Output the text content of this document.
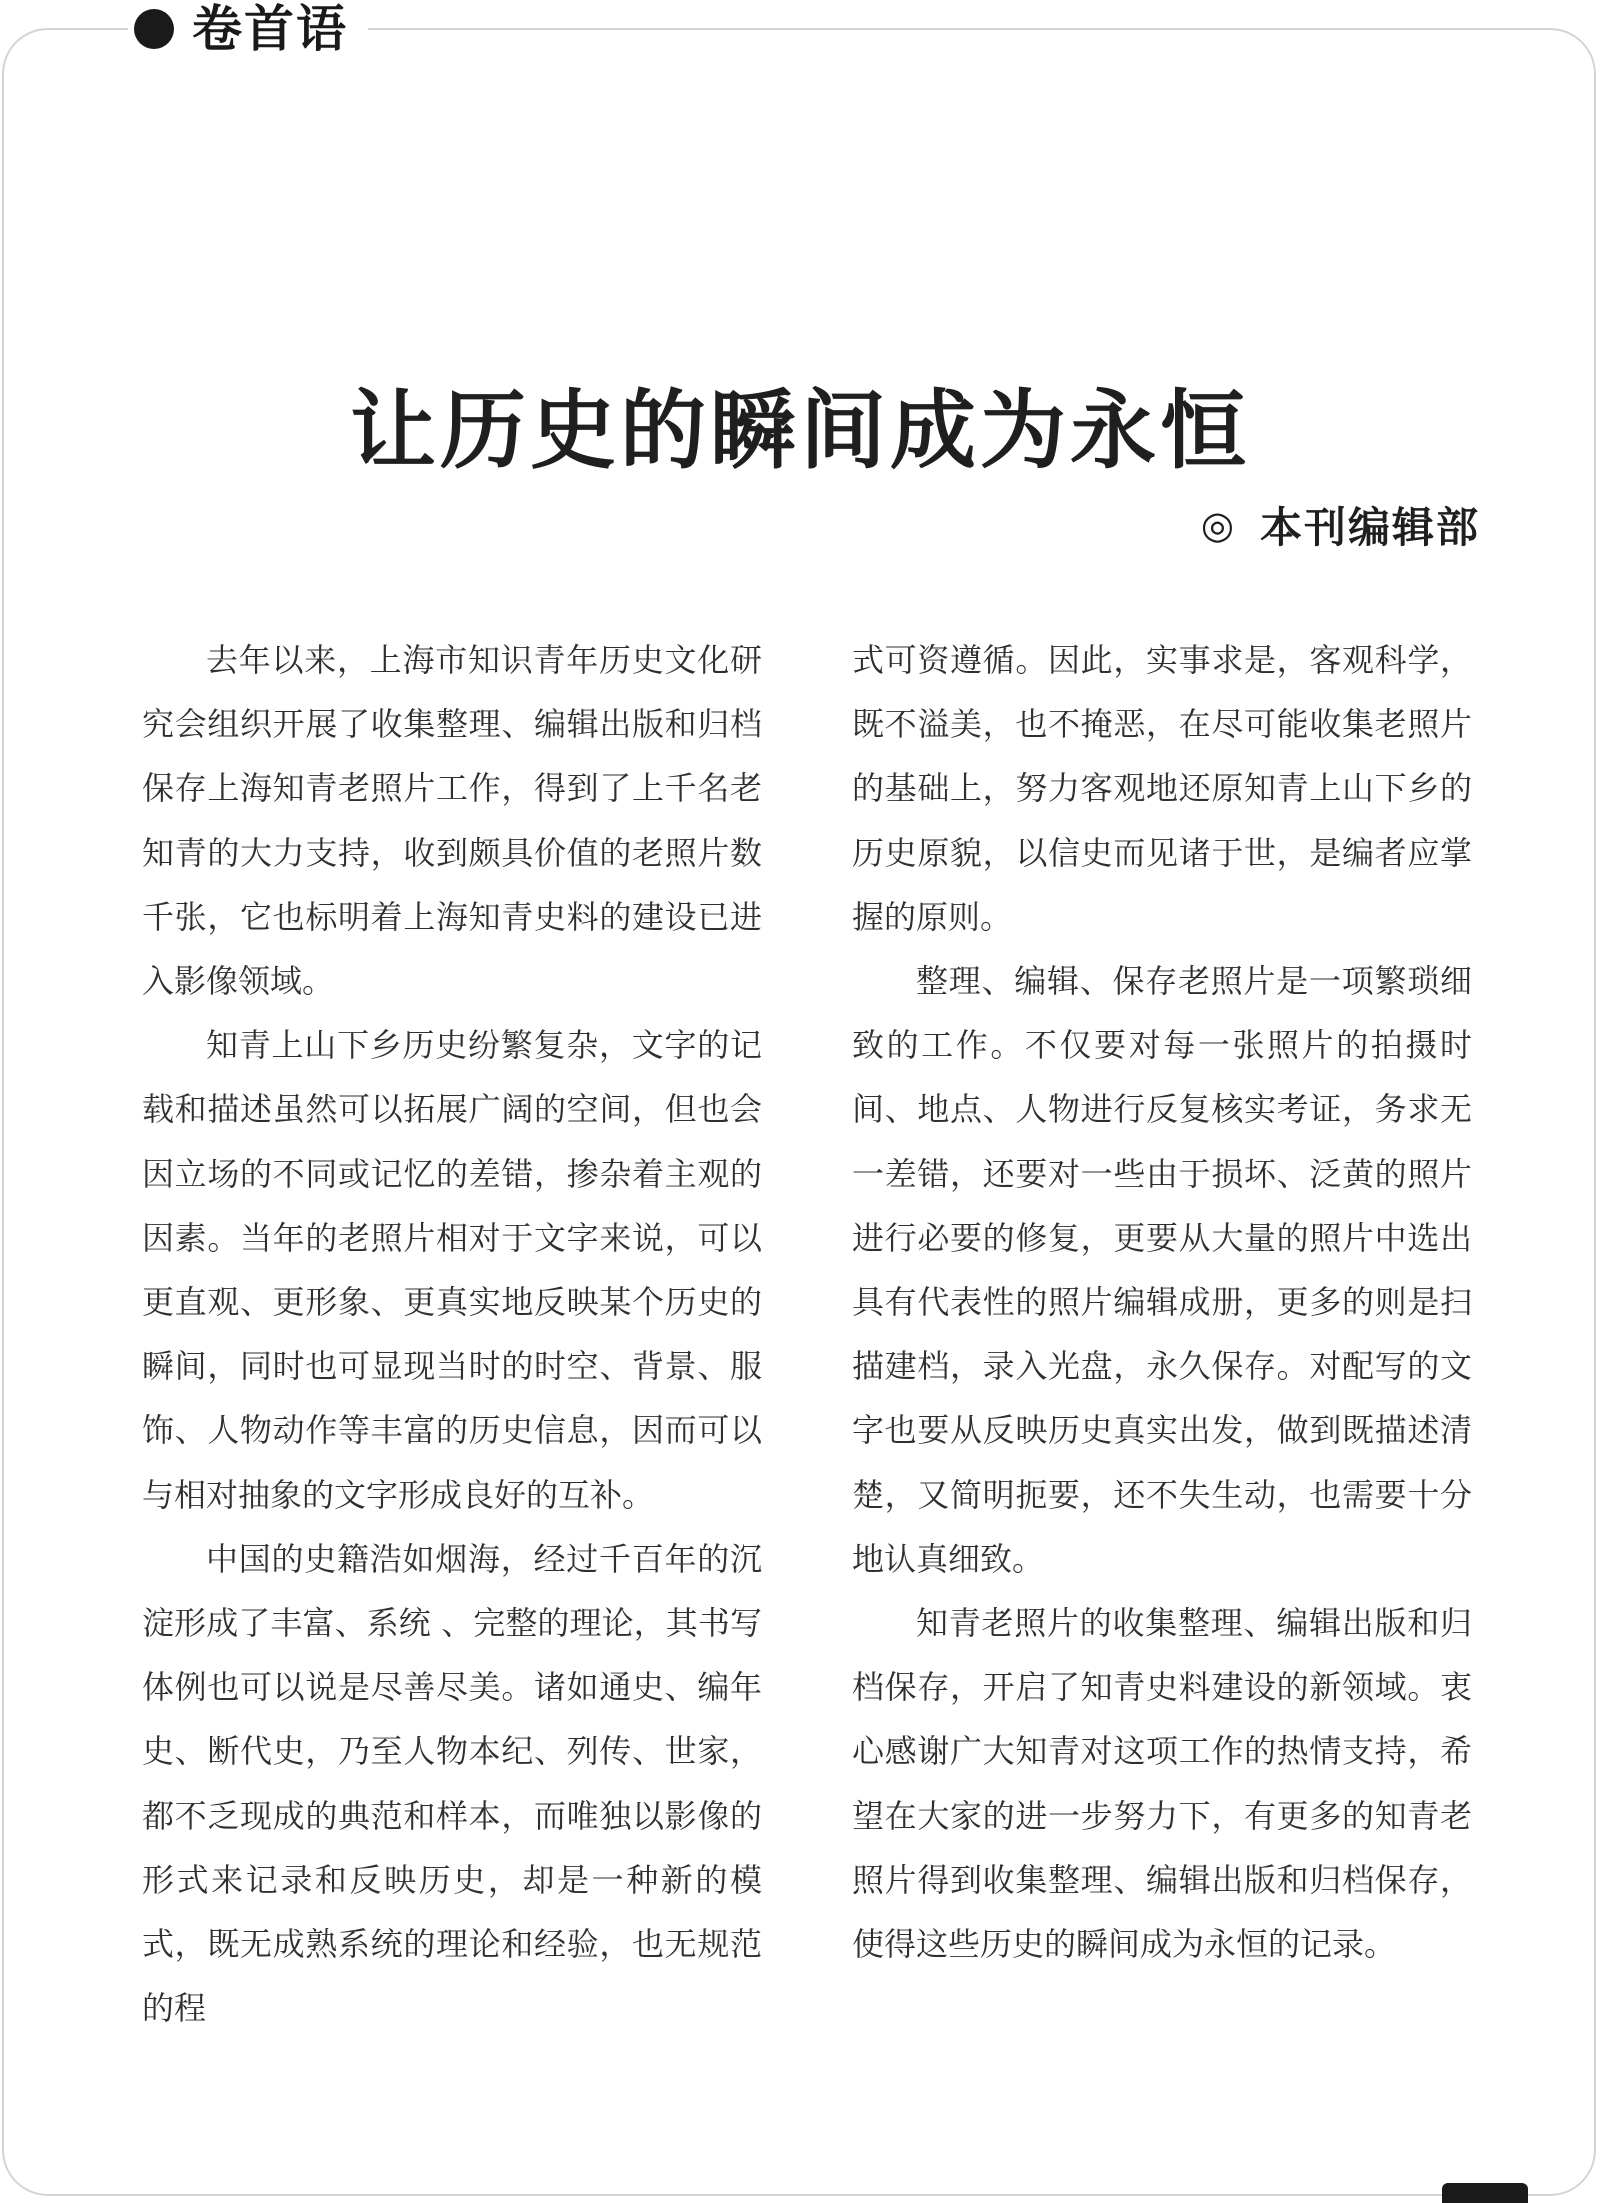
卷首语
让历史的瞬间成为永恒
◎ 本刊编辑部

去年以来，上海市知识青年历史文化研究会组织开展了收集整理、编辑出版和归档保存上海知青老照片工作，得到了上千名老知青的大力支持，收到颇具价值的老照片数千张，它也标明着上海知青史料的建设已进入影像领域。

知青上山下乡历史纷繁复杂，文字的记载和描述虽然可以拓展广阔的空间，但也会因立场的不同或记忆的差错，掺杂着主观的因素。当年的老照片相对于文字来说，可以更直观、更形象、更真实地反映某个历史的瞬间，同时也可显现当时的时空、背景、服饰、人物动作等丰富的历史信息，因而可以与相对抽象的文字形成良好的互补。

中国的史籍浩如烟海，经过千百年的沉淀形成了丰富、系统 、完整的理论，其书写体例也可以说是尽善尽美。诸如通史、编年史、断代史，乃至人物本纪、列传、世家，都不乏现成的典范和样本，而唯独以影像的形式来记录和反映历史，却是一种新的模式，既无成熟系统的理论和经验，也无规范的程

式可资遵循。因此，实事求是，客观科学，既不溢美，也不掩恶，在尽可能收集老照片的基础上，努力客观地还原知青上山下乡的历史原貌，以信史而见诸于世，是编者应掌握的原则。

整理、编辑、保存老照片是一项繁琐细致的工作。不仅要对每一张照片的拍摄时间、地点、人物进行反复核实考证，务求无一差错，还要对一些由于损坏、泛黄的照片进行必要的修复，更要从大量的照片中选出具有代表性的照片编辑成册，更多的则是扫描建档，录入光盘，永久保存。对配写的文字也要从反映历史真实出发，做到既描述清楚，又简明扼要，还不失生动，也需要十分地认真细致。

知青老照片的收集整理、编辑出版和归档保存，开启了知青史料建设的新领域。衷心感谢广大知青对这项工作的热情支持，希望在大家的进一步努力下，有更多的知青老照片得到收集整理、编辑出版和归档保存，使得这些历史的瞬间成为永恒的记录。
